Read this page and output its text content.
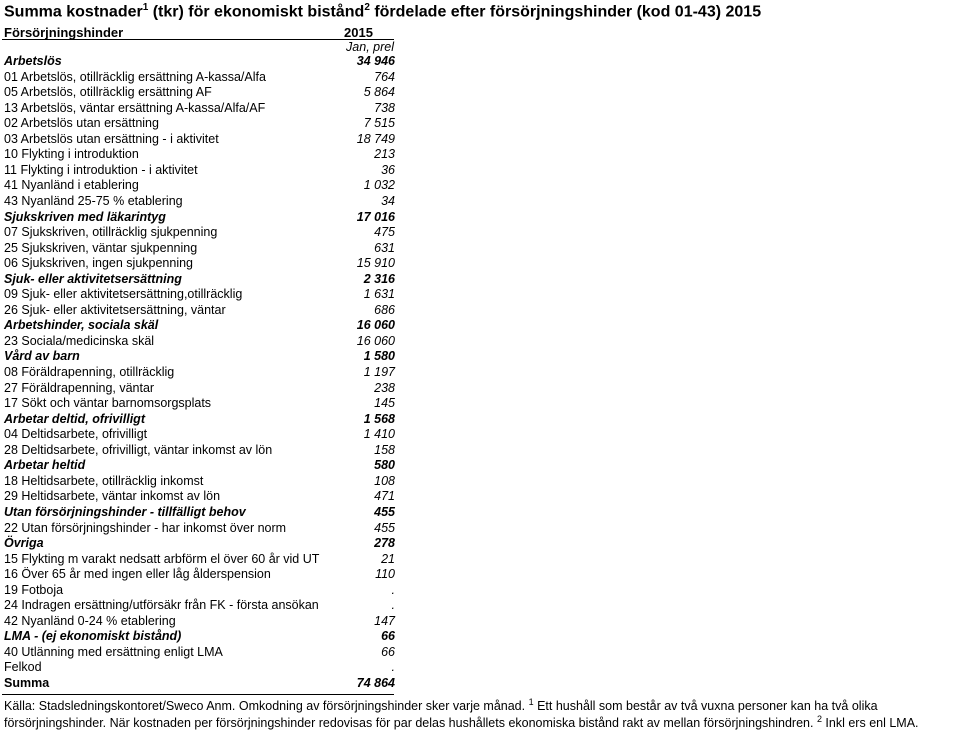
Summa kostnader$^1$ (tkr) för ekonomiskt bistånd$^2$ fördelade efter försörjningshinder (kod 01-43) 2015
Försörjningshinder	2015
Jan, prel
Arbetslös	34 946
01 Arbetslös, otillräcklig ersättning A-kassa/Alfa	764
05 Arbetslös, otillräcklig ersättning AF	5 864
13 Arbetslös, väntar ersättning A-kassa/Alfa/AF	738
02 Arbetslös utan ersättning	7 515
03 Arbetslös utan ersättning - i aktivitet	18 749
10 Flykting i introduktion	213
11 Flykting i introduktion - i aktivitet	36
41 Nyanländ i etablering	1 032
43 Nyanländ 25-75 % etablering	34
Sjukskriven med läkarintyg	17 016
07 Sjukskriven, otillräcklig sjukpenning	475
25 Sjukskriven, väntar sjukpenning	631
06 Sjukskriven, ingen sjukpenning	15 910
Sjuk- eller aktivitetsersättning	2 316
09 Sjuk- eller aktivitetsersättning,otillräcklig	1 631
26 Sjuk- eller aktivitetsersättning, väntar	686
Arbetshinder, sociala skäl	16 060
23 Sociala/medicinska skäl	16 060
Vård av barn	1 580
08 Föräldrapenning, otillräcklig	1 197
27 Föräldrapenning, väntar	238
17 Sökt och väntar barnomsorgsplats	145
Arbetar deltid, ofrivilligt	1 568
04 Deltidsarbete, ofrivilligt	1 410
28 Deltidsarbete, ofrivilligt, väntar inkomst av lön	158
Arbetar heltid	580
18 Heltidsarbete, otillräcklig inkomst	108
29 Heltidsarbete, väntar inkomst av lön	471
Utan försörjningshinder - tillfälligt behov	455
22 Utan försörjningshinder - har inkomst över norm	455
Övriga	278
15 Flykting m varakt nedsatt arbförm el över 60 år vid UT	21
16 Över 65 år med ingen eller låg ålderspension	110
19 Fotboja	.
24 Indragen ersättning/utförsäkr från FK - första ansökan	.
42 Nyanländ 0-24 % etablering	147
LMA - (ej ekonomiskt bistånd)	66
40 Utlänning med ersättning enligt LMA	66
Felkod	.
Summa	74 864
Källa: Stadsledningskontoret/Sweco Anm. Omkodning av försörjningshinder sker varje månad. $^1$ Ett hushåll som består av två vuxna personer kan ha två olika
försörjningshinder. När kostnaden per försörjningshinder redovisas för par delas hushållets ekonomiska bistånd rakt av mellan försörjningshindren. $^2$ Inkl ers enl LMA.
